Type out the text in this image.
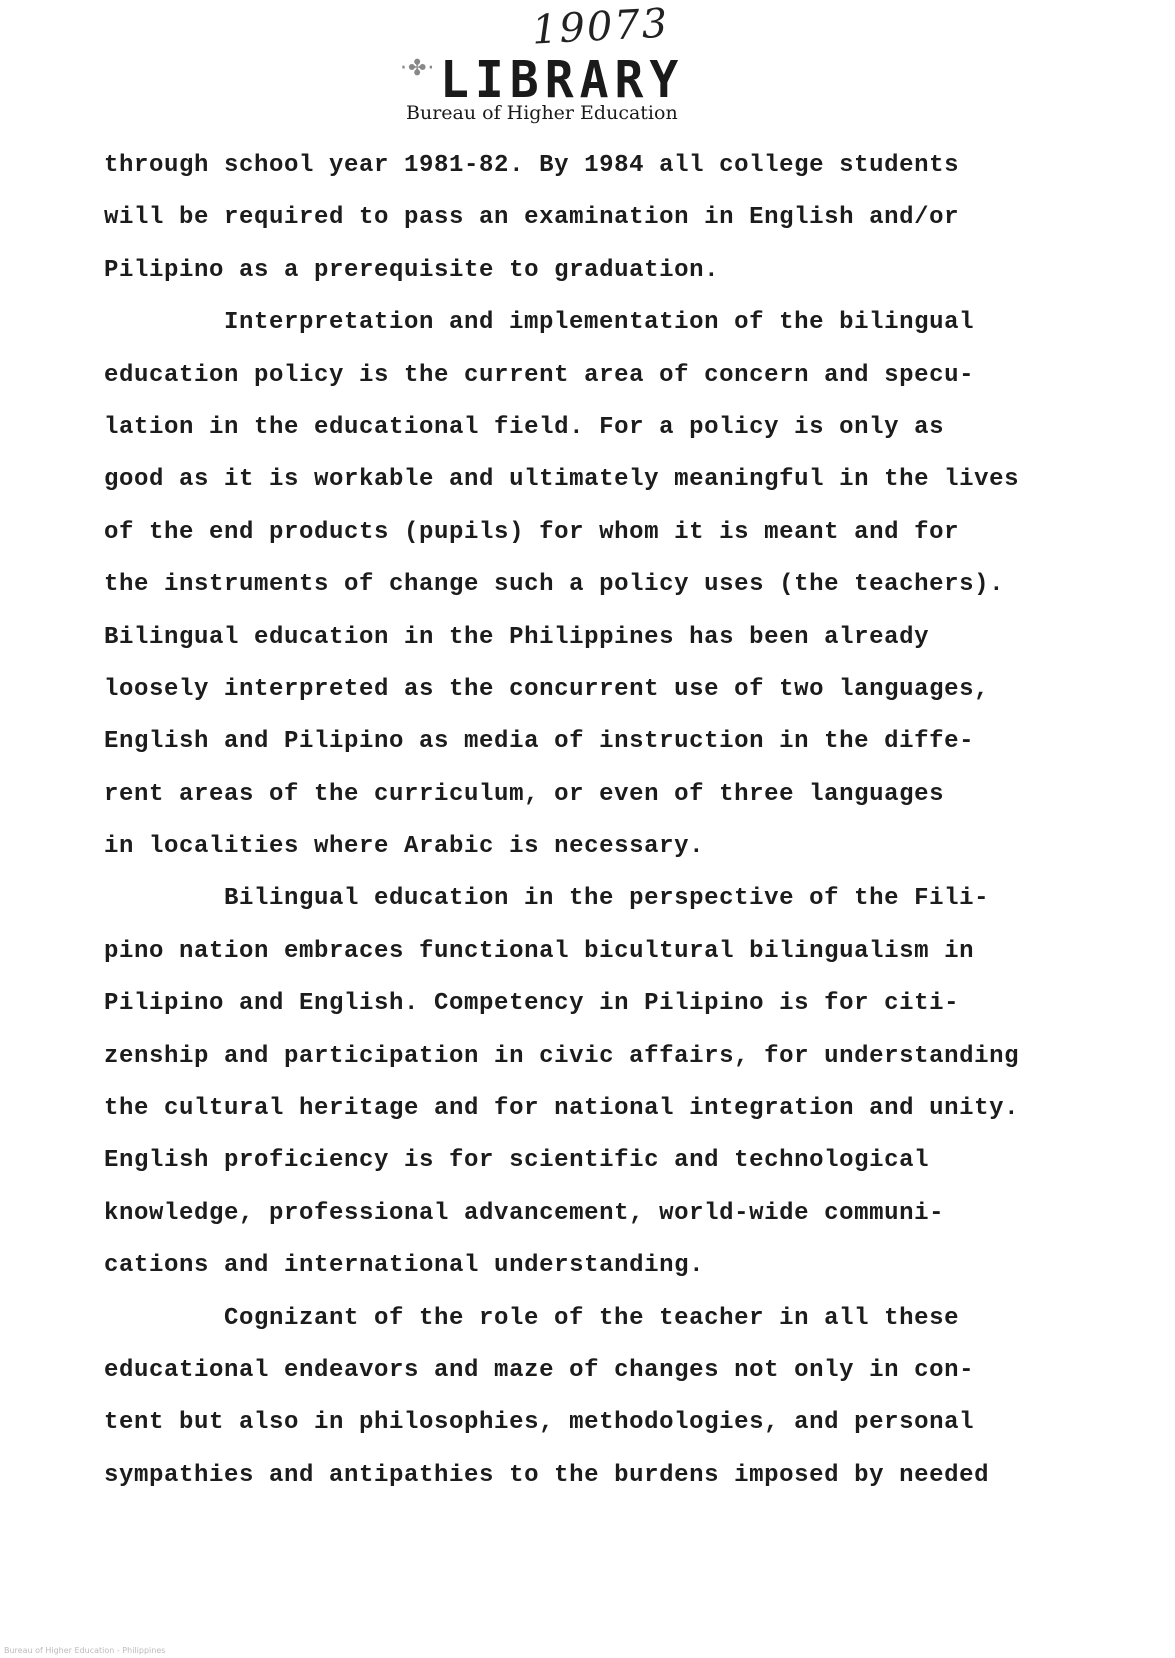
19073
·✤· LIBRARY
Bureau of Higher Education
through school year 1981-82. By 1984 all college students
will be required to pass an examination in English and/or
Pilipino as a prerequisite to graduation.
Interpretation and implementation of the bilingual
education policy is the current area of concern and specu-
lation in the educational field. For a policy is only as
good as it is workable and ultimately meaningful in the lives
of the end products (pupils) for whom it is meant and for
the instruments of change such a policy uses (the teachers).
Bilingual education in the Philippines has been already
loosely interpreted as the concurrent use of two languages,
English and Pilipino as media of instruction in the diffe-
rent areas of the curriculum, or even of three languages
in localities where Arabic is necessary.
Bilingual education in the perspective of the Fili-
pino nation embraces functional bicultural bilingualism in
Pilipino and English. Competency in Pilipino is for citi-
zenship and participation in civic affairs, for understanding
the cultural heritage and for national integration and unity.
English proficiency is for scientific and technological
knowledge, professional advancement, world-wide communi-
cations and international understanding.
Cognizant of the role of the teacher in all these
educational endeavors and maze of changes not only in con-
tent but also in philosophies, methodologies, and personal
sympathies and antipathies to the burdens imposed by needed
Bureau of Higher Education - Philippines
